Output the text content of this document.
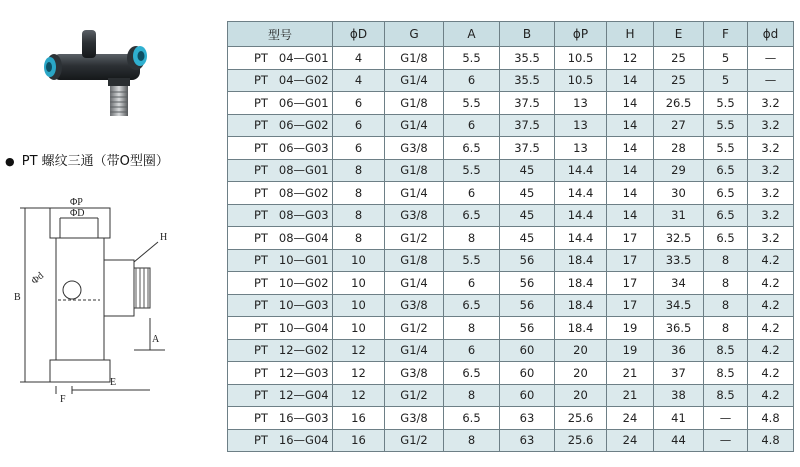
● PT 螺纹三通（带O型圈）
ΦP
ΦD
H
Φd
B
A
F
E
型号	ϕD	G	A	B	ϕP	H	E	F	ϕd
PT   04—G01	4	G1/8	5.5	35.5	10.5	12	25	5	—
PT   04—G02	4	G1/4	6	35.5	10.5	14	25	5	—
PT   06—G01	6	G1/8	5.5	37.5	13	14	26.5	5.5	3.2
PT   06—G02	6	G1/4	6	37.5	13	14	27	5.5	3.2
PT   06—G03	6	G3/8	6.5	37.5	13	14	28	5.5	3.2
PT   08—G01	8	G1/8	5.5	45	14.4	14	29	6.5	3.2
PT   08—G02	8	G1/4	6	45	14.4	14	30	6.5	3.2
PT   08—G03	8	G3/8	6.5	45	14.4	14	31	6.5	3.2
PT   08—G04	8	G1/2	8	45	14.4	17	32.5	6.5	3.2
PT   10—G01	10	G1/8	5.5	56	18.4	17	33.5	8	4.2
PT   10—G02	10	G1/4	6	56	18.4	17	34	8	4.2
PT   10—G03	10	G3/8	6.5	56	18.4	17	34.5	8	4.2
PT   10—G04	10	G1/2	8	56	18.4	19	36.5	8	4.2
PT   12—G02	12	G1/4	6	60	20	19	36	8.5	4.2
PT   12—G03	12	G3/8	6.5	60	20	21	37	8.5	4.2
PT   12—G04	12	G1/2	8	60	20	21	38	8.5	4.2
PT   16—G03	16	G3/8	6.5	63	25.6	24	41	—	4.8
PT   16—G04	16	G1/2	8	63	25.6	24	44	—	4.8
